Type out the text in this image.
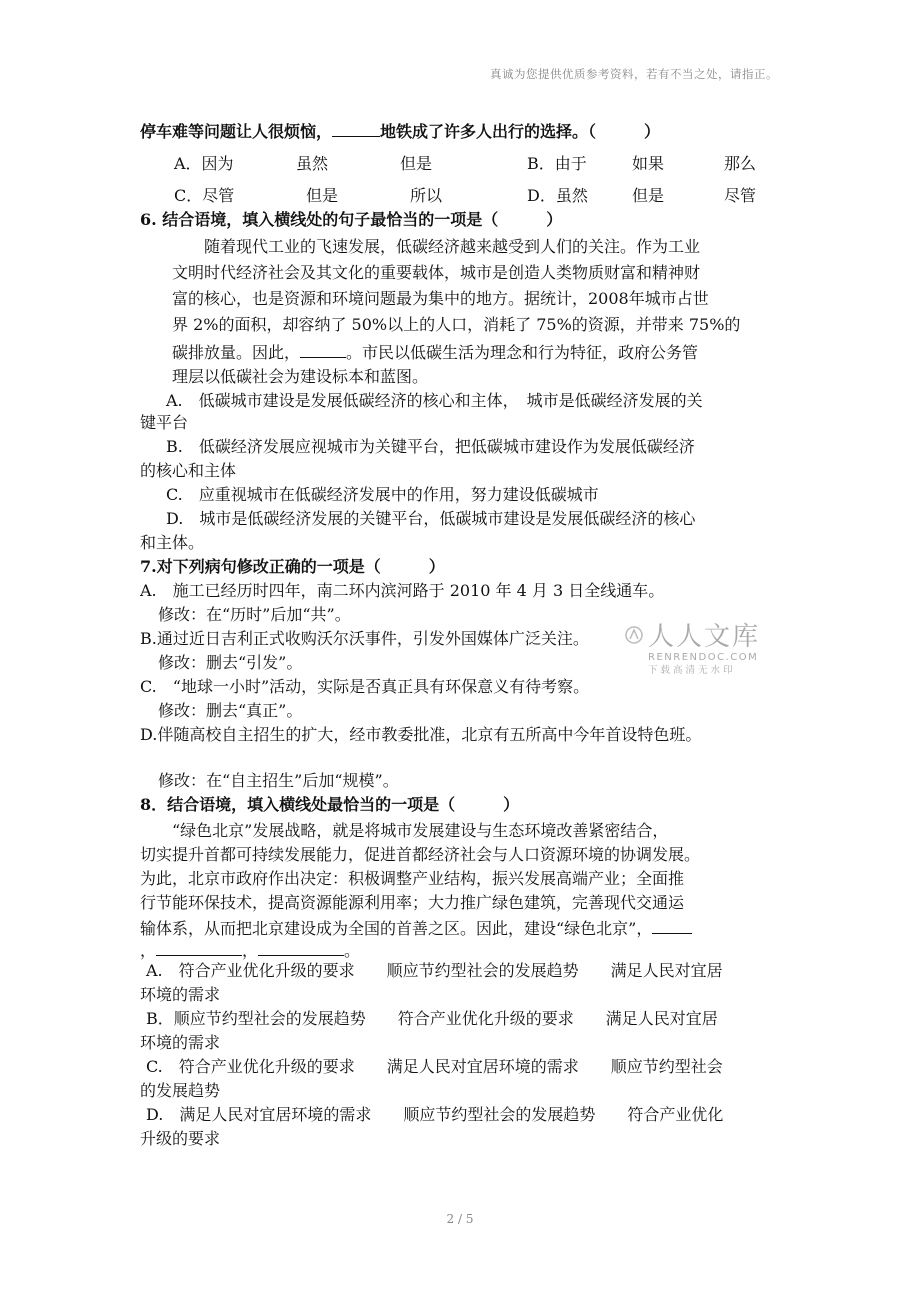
真诚为您提供优质参考资料，若有不当之处，请指正。
停车难等问题让人很烦恼，	地铁成了许多人出行的选择。（　　　）
A．因为	虽然	但是	B．由于	如果	那么
C．尽管	但是	所以	D．虽然	但是	尽管
6. 结合语境，填入横线处的句子最恰当的一项是（　　　）
随着现代工业的飞速发展，低碳经济越来越受到人们的关注。作为工业
文明时代经济社会及其文化的重要载体，城市是创造人类物质财富和精神财
富的核心，也是资源和环境问题最为集中的地方。据统计，2008年城市占世
界 2%的面积，却容纳了 50%以上的人口，消耗了 75%的资源，并带来 75%的
碳排放量。因此，	。市民以低碳生活为理念和行为特征，政府公务管
理层以低碳社会为建设标本和蓝图。
A.　低碳城市建设是发展低碳经济的核心和主体，　城市是低碳经济发展的关
键平台
B.　低碳经济发展应视城市为关键平台，把低碳城市建设作为发展低碳经济
的核心和主体
C.　应重视城市在低碳经济发展中的作用，努力建设低碳城市
D.　城市是低碳经济发展的关键平台，低碳城市建设是发展低碳经济的核心
和主体。
7.对下列病句修改正确的一项是（　　　）
A.　施工已经历时四年，南二环内滨河路于 2010 年 4 月 3 日全线通车。
修改：在“历时”后加“共”。
B.通过近日吉利正式收购沃尔沃事件，引发外国媒体广泛关注。
修改：删去“引发”。
C.　“地球一小时”活动，实际是否真正具有环保意义有待考察。
修改：删去“真正”。
D.伴随高校自主招生的扩大，经市教委批准，北京有五所高中今年首设特色班。
修改：在“自主招生”后加“规模”。
8．结合语境，填入横线处最恰当的一项是（　　　）
“绿色北京”发展战略，就是将城市发展建设与生态环境改善紧密结合，
切实提升首都可持续发展能力，促进首都经济社会与人口资源环境的协调发展。
为此，北京市政府作出决定：积极调整产业结构，振兴发展高端产业；全面推
行节能环保技术，提高资源能源利用率；大力推广绿色建筑，完善现代交通运
输体系，从而把北京建设成为全国的首善之区。因此，建设“绿色北京”，
，	，	。
A.　符合产业优化升级的要求　　顺应节约型社会的发展趋势　　满足人民对宜居
环境的需求
B．顺应节约型社会的发展趋势　　符合产业优化升级的要求　　满足人民对宜居
环境的需求
C.　符合产业优化升级的要求　　满足人民对宜居环境的需求　　顺应节约型社会
的发展趋势
D.　满足人民对宜居环境的需求　　顺应节约型社会的发展趋势　　符合产业优化
升级的要求
人人文库
RENRENDOC.COM
下载高清无水印
2 / 5
